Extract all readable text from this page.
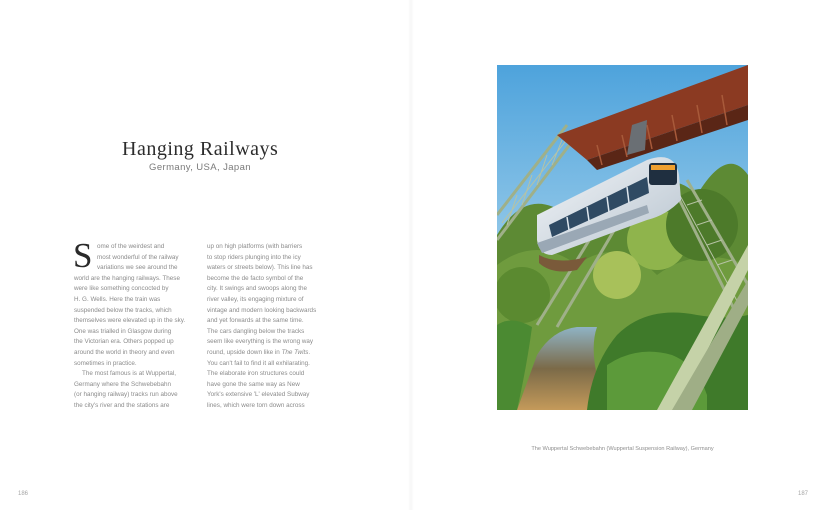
Hanging Railways
Germany, USA, Japan
S ome of the weirdest and
most wonderful of the railway
variations we see around the
world are the hanging railways. These
were like something concocted by
H. G. Wells. Here the train was
suspended below the tracks, which
themselves were elevated up in the sky.
One was trialled in Glasgow during
the Victorian era. Others popped up
around the world in theory and even
sometimes in practice.
The most famous is at Wuppertal,
Germany where the Schwebebahn
(or hanging railway) tracks run above
the city's river and the stations are
up on high platforms (with barriers
to stop riders plunging into the icy
waters or streets below). This line has
become the de facto symbol of the
city. It swings and swoops along the
river valley, its engaging mixture of
vintage and modern looking backwards
and yet forwards at the same time.
The cars dangling below the tracks
seem like everything is the wrong way
round, upside down like in The Twits.
You can't fail to find it all exhilarating.
The elaborate iron structures could
have gone the same way as New
York's extensive 'L' elevated Subway
lines, which were torn down across
186
The Wuppertal Schwebebahn (Wuppertal Suspension Railway), Germany
187
